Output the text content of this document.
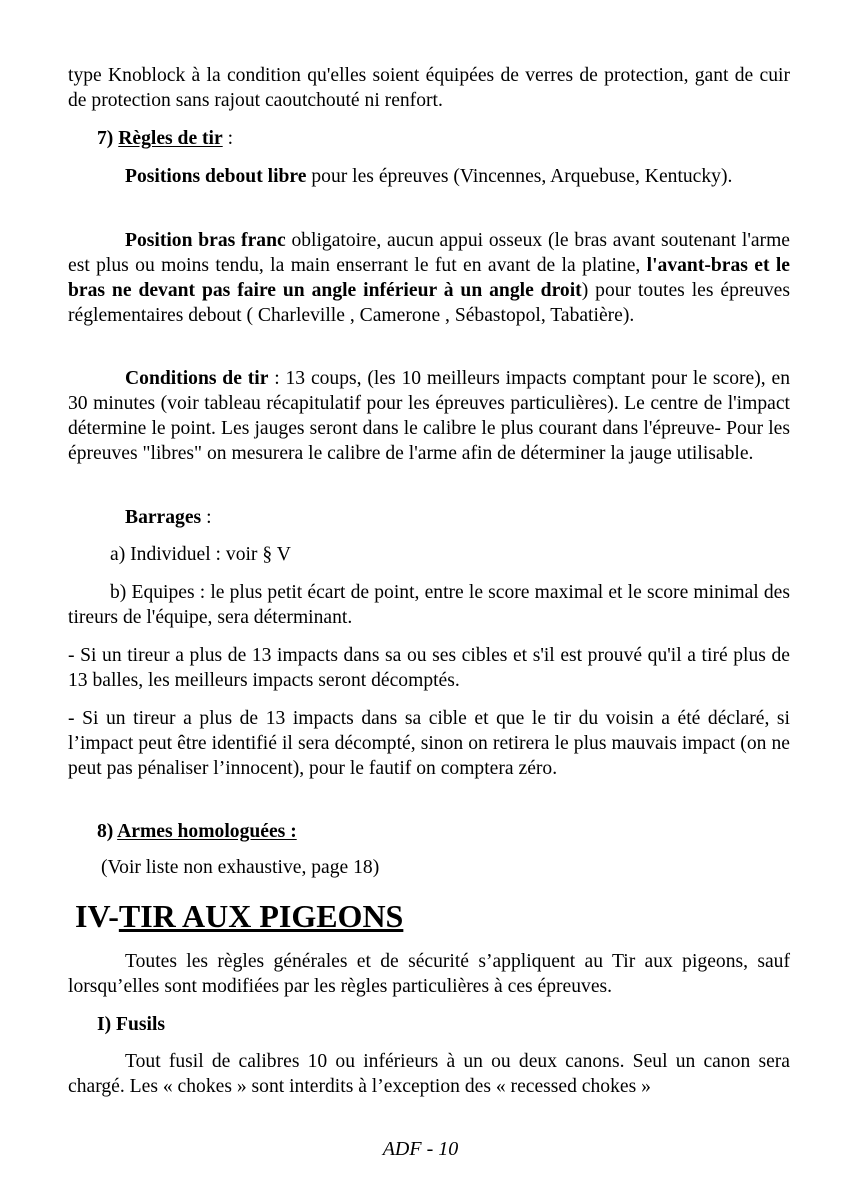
type Knoblock à la condition qu'elles soient équipées de verres de protection, gant de cuir de protection sans rajout caoutchouté ni renfort.

7) Règles de tir :

Positions debout libre pour les épreuves (Vincennes, Arquebuse, Kentucky).

Position bras franc obligatoire, aucun appui osseux (le bras avant soutenant l'arme est plus ou moins tendu, la main enserrant le fut en avant de la platine, l'avant-bras et le bras ne devant pas faire un angle inférieur à un angle droit) pour toutes les épreuves réglementaires debout ( Charleville , Camerone , Sébastopol, Tabatière).

Conditions de tir : 13 coups, (les 10 meilleurs impacts comptant pour le score), en 30 minutes (voir tableau récapitulatif pour les épreuves particulières). Le centre de l'impact détermine le point. Les jauges seront dans le calibre le plus courant dans l'épreuve- Pour les épreuves "libres" on mesurera le calibre de l'arme afin de déterminer la jauge utilisable.

Barrages :

a) Individuel : voir § V

b) Equipes : le plus petit écart de point, entre le score maximal et le score minimal des tireurs de l'équipe, sera déterminant.

- Si un tireur a plus de 13 impacts dans sa ou ses cibles et s'il est prouvé qu'il a tiré plus de 13 balles, les meilleurs impacts seront décomptés.

- Si un tireur a plus de 13 impacts dans sa cible et que le tir du voisin a été déclaré, si l’impact peut être identifié il sera décompté, sinon on retirera le plus mauvais impact (on ne peut pas pénaliser l’innocent), pour le fautif on comptera zéro.

8) Armes homologuées :

(Voir liste non exhaustive, page 18)

IV-TIR AUX PIGEONS

Toutes les règles générales et de sécurité s’appliquent au Tir aux pigeons, sauf lorsqu’elles sont modifiées par les règles particulières à ces épreuves.

I) Fusils

Tout fusil de calibres 10 ou inférieurs à un ou deux canons. Seul un canon sera chargé. Les « chokes » sont interdits à l’exception des « recessed chokes »

ADF - 10
